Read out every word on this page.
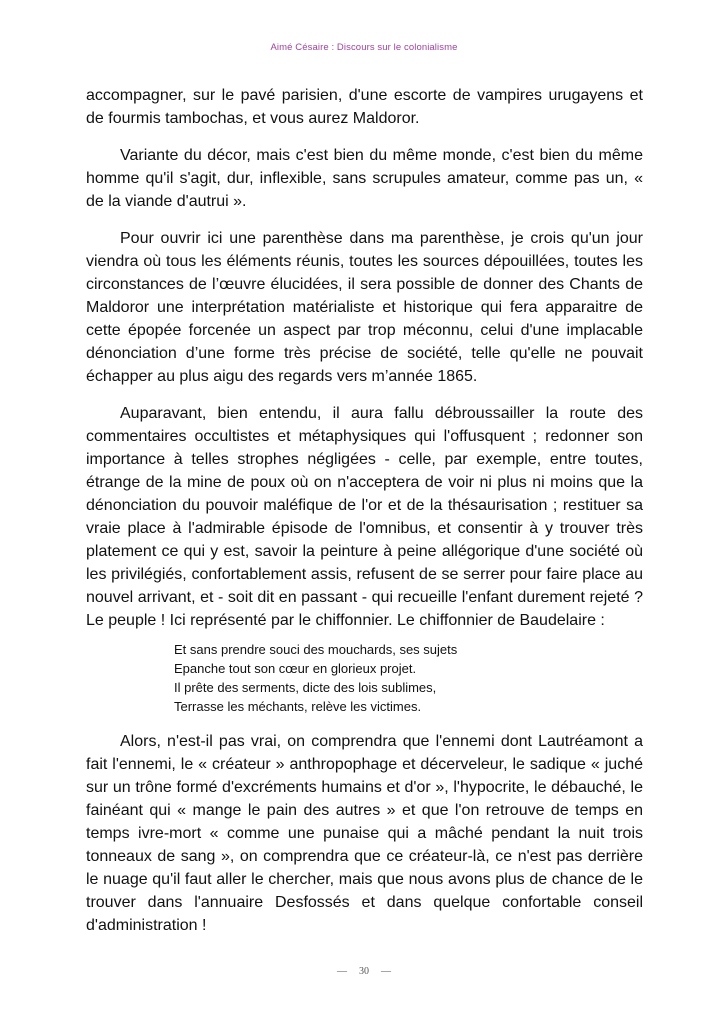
Aimé Césaire : Discours sur le colonialisme

accompagner, sur le pavé parisien, d'une escorte de vampires urugayens et de fourmis tambochas, et vous aurez Maldoror.

Variante du décor, mais c'est bien du même monde, c'est bien du même homme qu'il s'agit, dur, inflexible, sans scrupules amateur, comme pas un, « de la viande d'autrui ».

Pour ouvrir ici une parenthèse dans ma parenthèse, je crois qu'un jour viendra où tous les éléments réunis, toutes les sources dépouillées, toutes les circonstances de l’œuvre élucidées, il sera possible de donner des Chants de Maldoror une interprétation matérialiste et historique qui fera apparaitre de cette épopée forcenée un aspect par trop méconnu, celui d'une implacable dénonciation d’une forme très précise de société, telle qu'elle ne pouvait échapper au plus aigu des regards vers m’année 1865.

Auparavant, bien entendu, il aura fallu débroussailler la route des commentaires occultistes et métaphysiques qui l'offusquent ; redonner son importance à telles strophes négligées - celle, par exemple, entre toutes, étrange de la mine de poux où on n'acceptera de voir ni plus ni moins que la dénonciation du pouvoir maléfique de l'or et de la thésaurisation ; restituer sa vraie place à l'admirable épisode de l'omnibus, et consentir à y trouver très platement ce qui y est, savoir la peinture à peine allégorique d'une société où les privilégiés, confortablement assis, refusent de se serrer pour faire place au nouvel arrivant, et - soit dit en passant - qui recueille l'enfant durement rejeté ? Le peuple ! Ici représenté par le chiffonnier. Le chiffonnier de Baudelaire :

Et sans prendre souci des mouchards, ses sujets
Epanche tout son cœur en glorieux projet.
Il prête des serments, dicte des lois sublimes,
Terrasse les méchants, relève les victimes.

Alors, n'est-il pas vrai, on comprendra que l'ennemi dont Lautréamont a fait l'ennemi, le « créateur » anthropophage et décerveleur, le sadique « juché sur un trône formé d'excréments humains et d'or », l'hypocrite, le débauché, le fainéant qui « mange le pain des autres » et que l'on retrouve de temps en temps ivre-mort « comme une punaise qui a mâché pendant la nuit trois tonneaux de sang », on comprendra que ce créateur-là, ce n'est pas derrière le nuage qu'il faut aller le chercher, mais que nous avons plus de chance de le trouver dans l'annuaire Desfossés et dans quelque confortable conseil d'administration !

— 30 —
